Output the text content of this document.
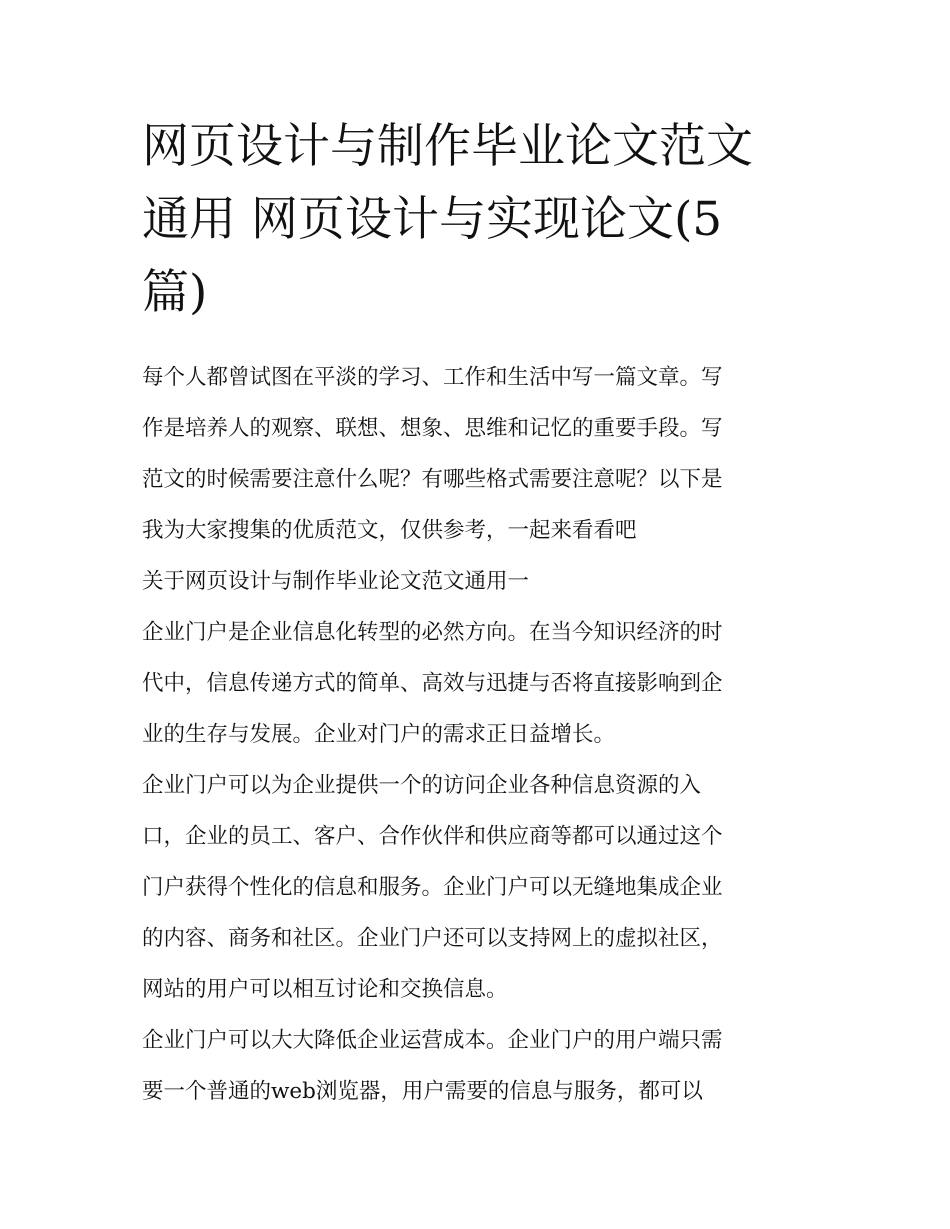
网页设计与制作毕业论文范文
通用 网页设计与实现论文(5
篇)

每个人都曾试图在平淡的学习、工作和生活中写一篇文章。写
作是培养人的观察、联想、想象、思维和记忆的重要手段。写
范文的时候需要注意什么呢？有哪些格式需要注意呢？以下是
我为大家搜集的优质范文，仅供参考，一起来看看吧

关于网页设计与制作毕业论文范文通用一

企业门户是企业信息化转型的必然方向。在当今知识经济的时
代中，信息传递方式的简单、高效与迅捷与否将直接影响到企
业的生存与发展。企业对门户的需求正日益增长。

企业门户可以为企业提供一个的访问企业各种信息资源的入
口，企业的员工、客户、合作伙伴和供应商等都可以通过这个
门户获得个性化的信息和服务。企业门户可以无缝地集成企业
的内容、商务和社区。企业门户还可以支持网上的虚拟社区，
网站的用户可以相互讨论和交换信息。

企业门户可以大大降低企业运营成本。企业门户的用户端只需
要一个普通的web浏览器，用户需要的信息与服务，都可以
